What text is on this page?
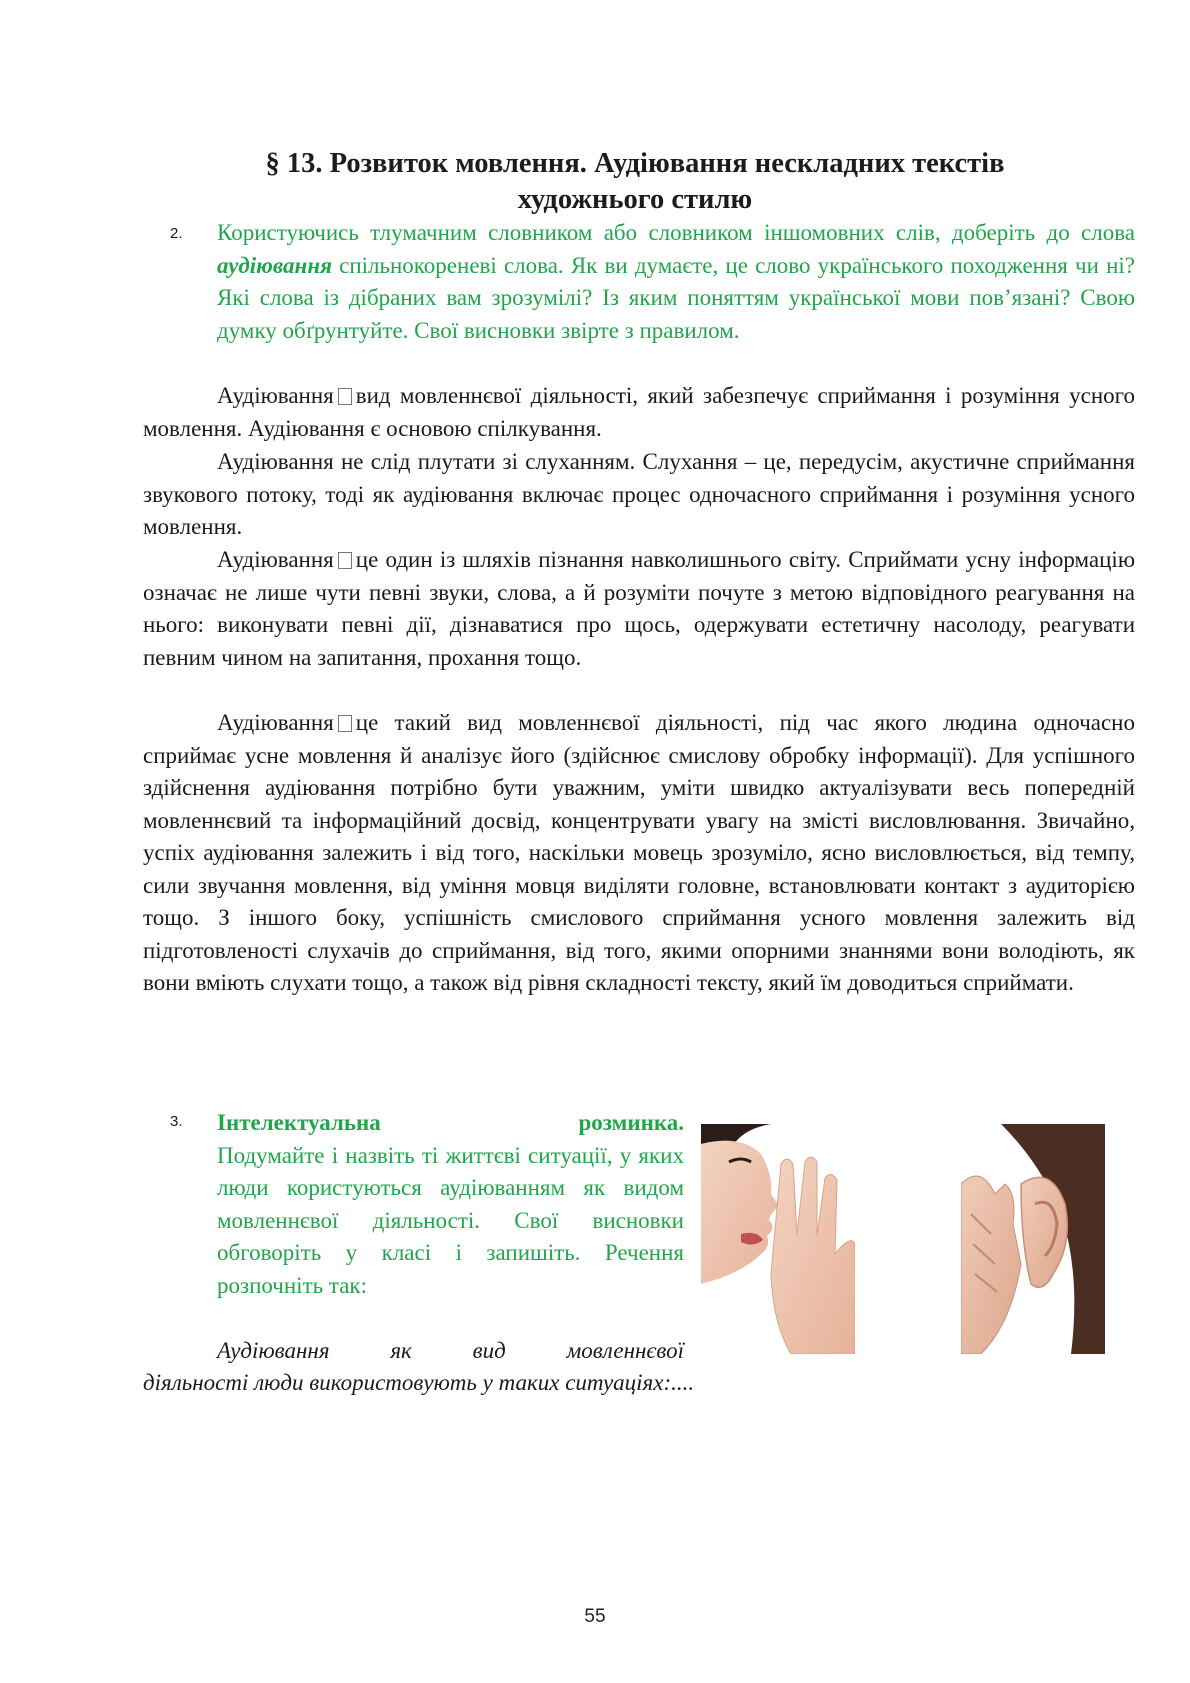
§ 13. Розвиток мовлення. Аудіювання нескладних текстів
художнього стилю
2. Користуючись тлумачним словником або словником іншомовних слів, доберіть до слова аудіювання спільнокореневі слова. Як ви думаєте, це слово українського походження чи ні? Які слова із дібраних вам зрозумілі? Із яким поняттям української мови пов’язані? Свою думку обґрунтуйте. Свої висновки звірте з правилом.

Аудіювання вид мовленнєвої діяльності, який забезпечує сприймання і розуміння усного мовлення. Аудіювання є основою спілкування.

Аудіювання не слід плутати зі слуханням. Слухання – це, передусім, акустичне сприймання звукового потоку, тоді як аудіювання включає процес одночасного сприймання і розуміння усного мовлення.

Аудіювання це один із шляхів пізнання навколишнього світу. Сприймати усну інформацію означає не лише чути певні звуки, слова, а й розуміти почуте з метою відповідного реагування на нього: виконувати певні дії, дізнаватися про щось, одержувати естетичну насолоду, реагувати певним чином на запитання, прохання тощо.

Аудіювання це такий вид мовленнєвої діяльності, під час якого людина одночасно сприймає усне мовлення й аналізує його (здійснює смислову обробку інформації). Для успішного здійснення аудіювання потрібно бути уважним, уміти швидко актуалізувати весь попередній мовленнєвий та інформаційний досвід, концентрувати увагу на змісті висловлювання. Звичайно, успіх аудіювання залежить і від того, наскільки мовець зрозуміло, ясно висловлюється, від темпу, сили звучання мовлення, від уміння мовця виділяти головне, встановлювати контакт з аудиторією тощо. З іншого боку, успішність смислового сприймання усного мовлення залежить від підготовленості слухачів до сприймання, від того, якими опорними знаннями вони володіють, як вони вміють слухати тощо, а також від рівня складності тексту, який їм доводиться сприймати.

3. Інтелектуальна розминка.
Подумайте і назвіть ті життєві ситуації, у яких люди користуються аудіюванням як видом мовленнєвої діяльності. Свої висновки обговоріть у класі і запишіть. Речення розпочніть так:

Аудіювання як вид мовленнєвої

діяльності люди використовують у таких ситуаціях:....

55
